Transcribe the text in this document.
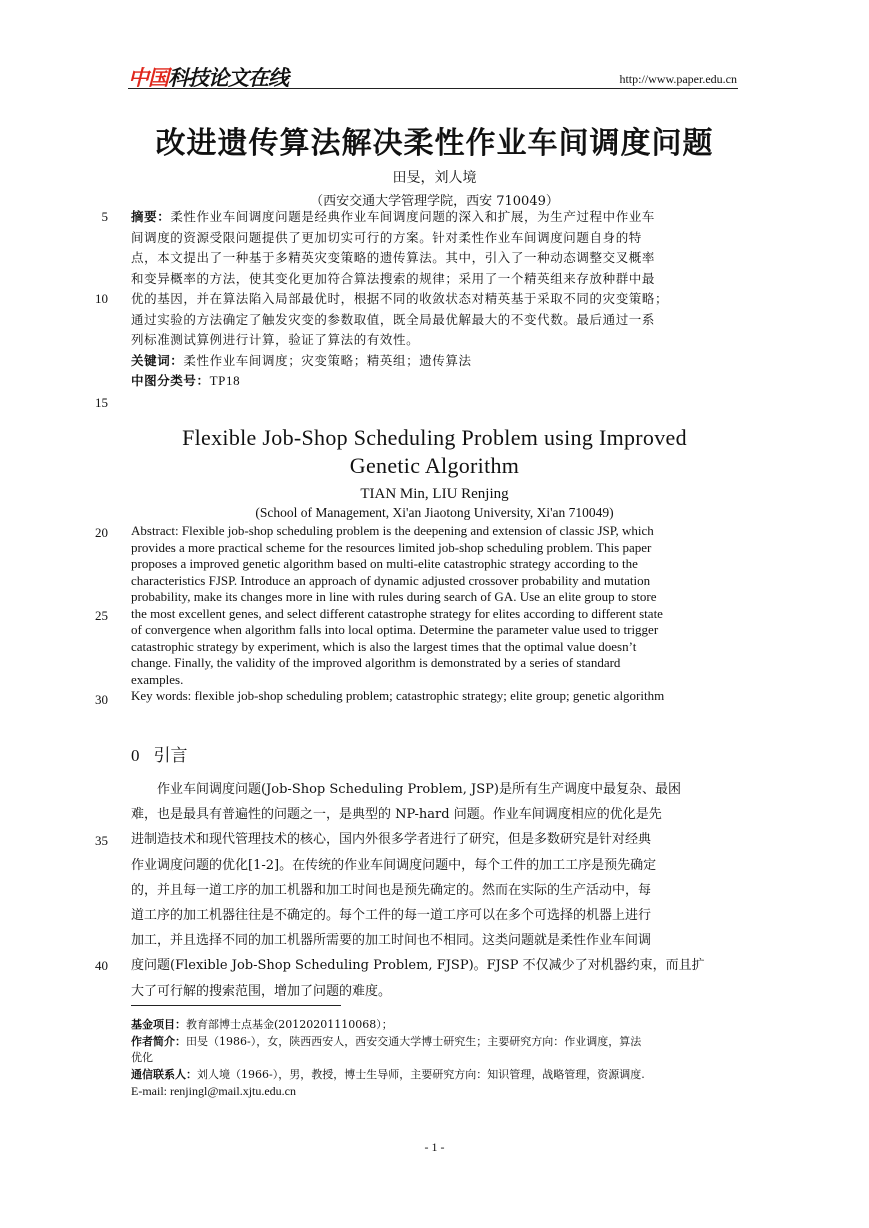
中国科技论文在线	http://www.paper.edu.cn
改进遗传算法解决柔性作业车间调度问题
田旻，刘人境
（西安交通大学管理学院，西安 710049）
5
10
15
20
25
30
35
40
摘要：柔性作业车间调度问题是经典作业车间调度问题的深入和扩展，为生产过程中作业车
间调度的资源受限问题提供了更加切实可行的方案。针对柔性作业车间调度问题自身的特
点，本文提出了一种基于多精英灾变策略的遗传算法。其中，引入了一种动态调整交叉概率
和变异概率的方法，使其变化更加符合算法搜索的规律；采用了一个精英组来存放种群中最
优的基因，并在算法陷入局部最优时，根据不同的收敛状态对精英基于采取不同的灾变策略；
通过实验的方法确定了触发灾变的参数取值，既全局最优解最大的不变代数。最后通过一系
列标准测试算例进行计算，验证了算法的有效性。
关键词：柔性作业车间调度；灾变策略；精英组；遗传算法
中图分类号：TP18
Flexible Job-Shop Scheduling Problem using Improved
Genetic Algorithm
TIAN Min, LIU Renjing
(School of Management, Xi'an Jiaotong University, Xi'an 710049)
Abstract: Flexible job-shop scheduling problem is the deepening and extension of classic JSP, which
provides a more practical scheme for the resources limited job-shop scheduling problem. This paper
proposes a improved genetic algorithm based on multi-elite catastrophic strategy according to the
characteristics FJSP. Introduce an approach of dynamic adjusted crossover probability and mutation
probability, make its changes more in line with rules during search of GA. Use an elite group to store
the most excellent genes, and select different catastrophe strategy for elites according to different state
of convergence when algorithm falls into local optima. Determine the parameter value used to trigger
catastrophic strategy by experiment, which is also the largest times that the optimal value doesn’t
change. Finally, the validity of the improved algorithm is demonstrated by a series of standard
examples.
Key words: flexible job-shop scheduling problem; catastrophic strategy; elite group; genetic algorithm
0 引言
作业车间调度问题(Job-Shop Scheduling Problem, JSP)是所有生产调度中最复杂、最困
难，也是最具有普遍性的问题之一，是典型的 NP-hard 问题。作业车间调度相应的优化是先
进制造技术和现代管理技术的核心，国内外很多学者进行了研究，但是多数研究是针对经典
作业调度问题的优化[1-2]。在传统的作业车间调度问题中，每个工件的加工工序是预先确定
的，并且每一道工序的加工机器和加工时间也是预先确定的。然而在实际的生产活动中，每
道工序的加工机器往往是不确定的。每个工件的每一道工序可以在多个可选择的机器上进行
加工，并且选择不同的加工机器所需要的加工时间也不相同。这类问题就是柔性作业车间调
度问题(Flexible Job-Shop Scheduling Problem, FJSP)。FJSP 不仅减少了对机器约束，而且扩
大了可行解的搜索范围，增加了问题的难度。
基金项目：教育部博士点基金(20120201110068）；
作者简介：田旻（1986-），女，陕西西安人，西安交通大学博士研究生；主要研究方向：作业调度，算法
优化
通信联系人：刘人境（1966-），男，教授，博士生导师，主要研究方向：知识管理，战略管理，资源调度.
E-mail: renjingl@mail.xjtu.edu.cn
- 1 -
